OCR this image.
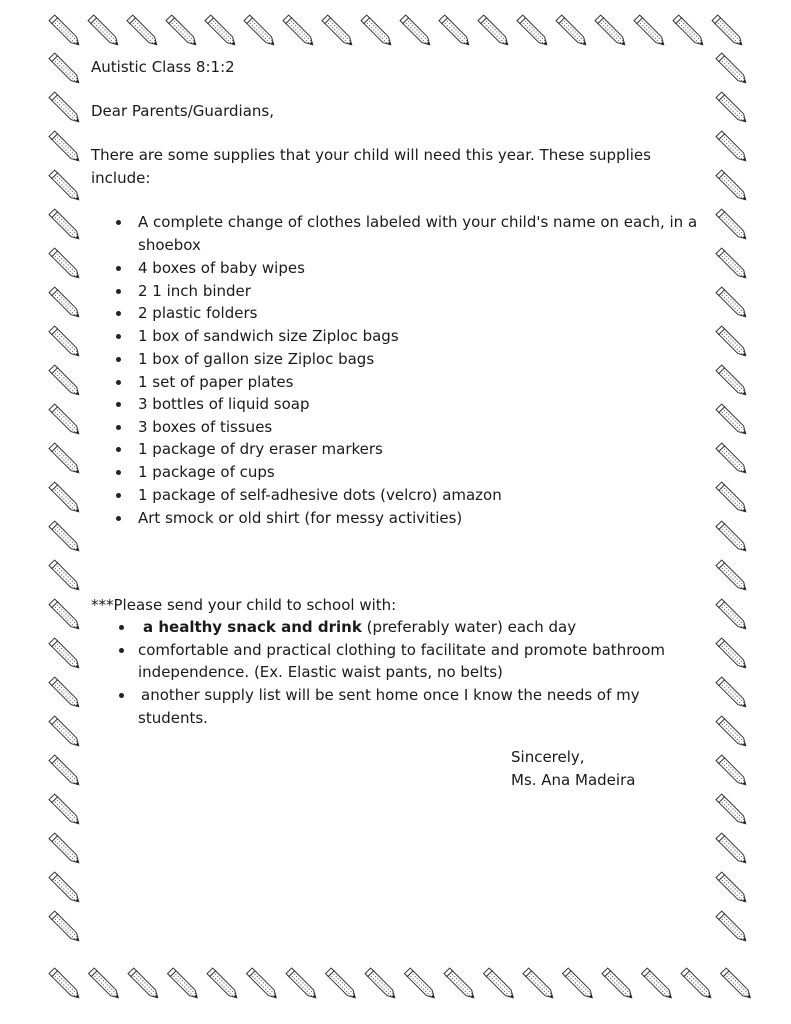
Autistic Class 8:1:2
Dear Parents/Guardians,
There are some supplies that your child will need this year. These supplies
include:
A complete change of clothes labeled with your child's name on each, in a
shoebox
4 boxes of baby wipes
2 1 inch binder
2 plastic folders
1 box of sandwich size Ziploc bags
1 box of gallon size Ziploc bags
1 set of paper plates
3 bottles of liquid soap
3 boxes of tissues
1 package of dry eraser markers
1 package of cups
1 package of self-adhesive dots (velcro) amazon
Art smock or old shirt (for messy activities)
***Please send your child to school with:
a healthy snack and drink (preferably water) each day
comfortable and practical clothing to facilitate and promote bathroom
independence. (Ex. Elastic waist pants, no belts)
another supply list will be sent home once I know the needs of my
students.
Sincerely,
Ms. Ana Madeira
